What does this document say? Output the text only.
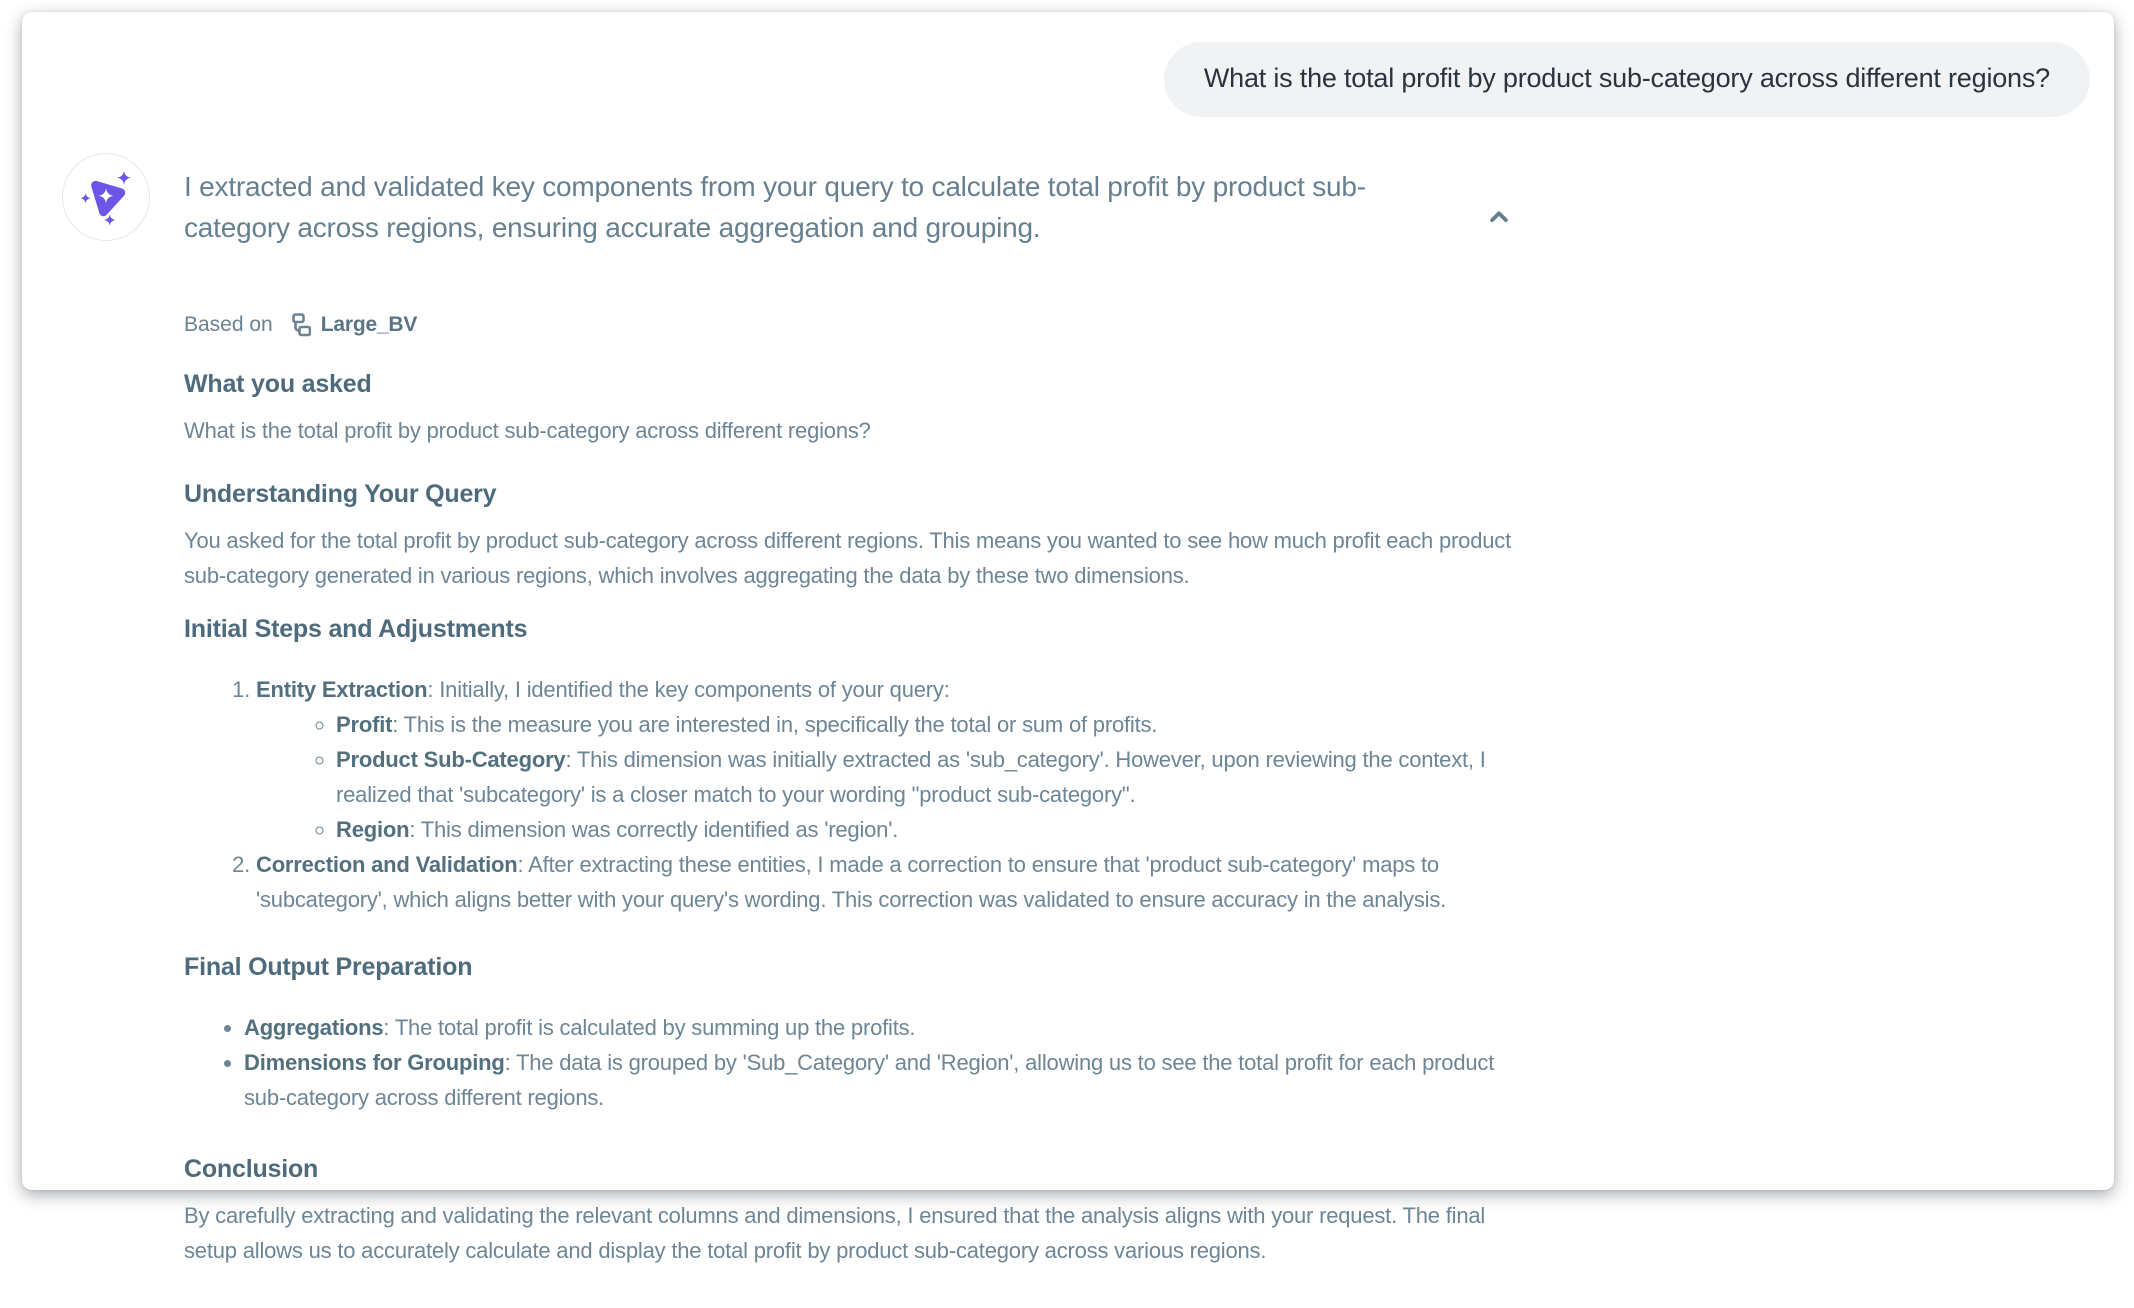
What is the total profit by product sub-category across different regions?
I extracted and validated key components from your query to calculate total profit by product sub-category across regions, ensuring accurate aggregation and grouping.
Based on Large_BV
What you asked

What is the total profit by product sub-category across different regions?

Understanding Your Query

You asked for the total profit by product sub-category across different regions. This means you wanted to see how much profit each product sub-category generated in various regions, which involves aggregating the data by these two dimensions.

Initial Steps and Adjustments
1. Entity Extraction: Initially, I identified the key components of your query:
◦ Profit: This is the measure you are interested in, specifically the total or sum of profits.
◦ Product Sub-Category: This dimension was initially extracted as 'sub_category'. However, upon reviewing the context, I realized that 'subcategory' is a closer match to your wording "product sub-category".
◦ Region: This dimension was correctly identified as 'region'.
2. Correction and Validation: After extracting these entities, I made a correction to ensure that 'product sub-category' maps to 'subcategory', which aligns better with your query's wording. This correction was validated to ensure accuracy in the analysis.
Final Output Preparation
• Aggregations: The total profit is calculated by summing up the profits.
• Dimensions for Grouping: The data is grouped by 'Sub_Category' and 'Region', allowing us to see the total profit for each product sub-category across different regions.
Conclusion

By carefully extracting and validating the relevant columns and dimensions, I ensured that the analysis aligns with your request. The final setup allows us to accurately calculate and display the total profit by product sub-category across various regions.
